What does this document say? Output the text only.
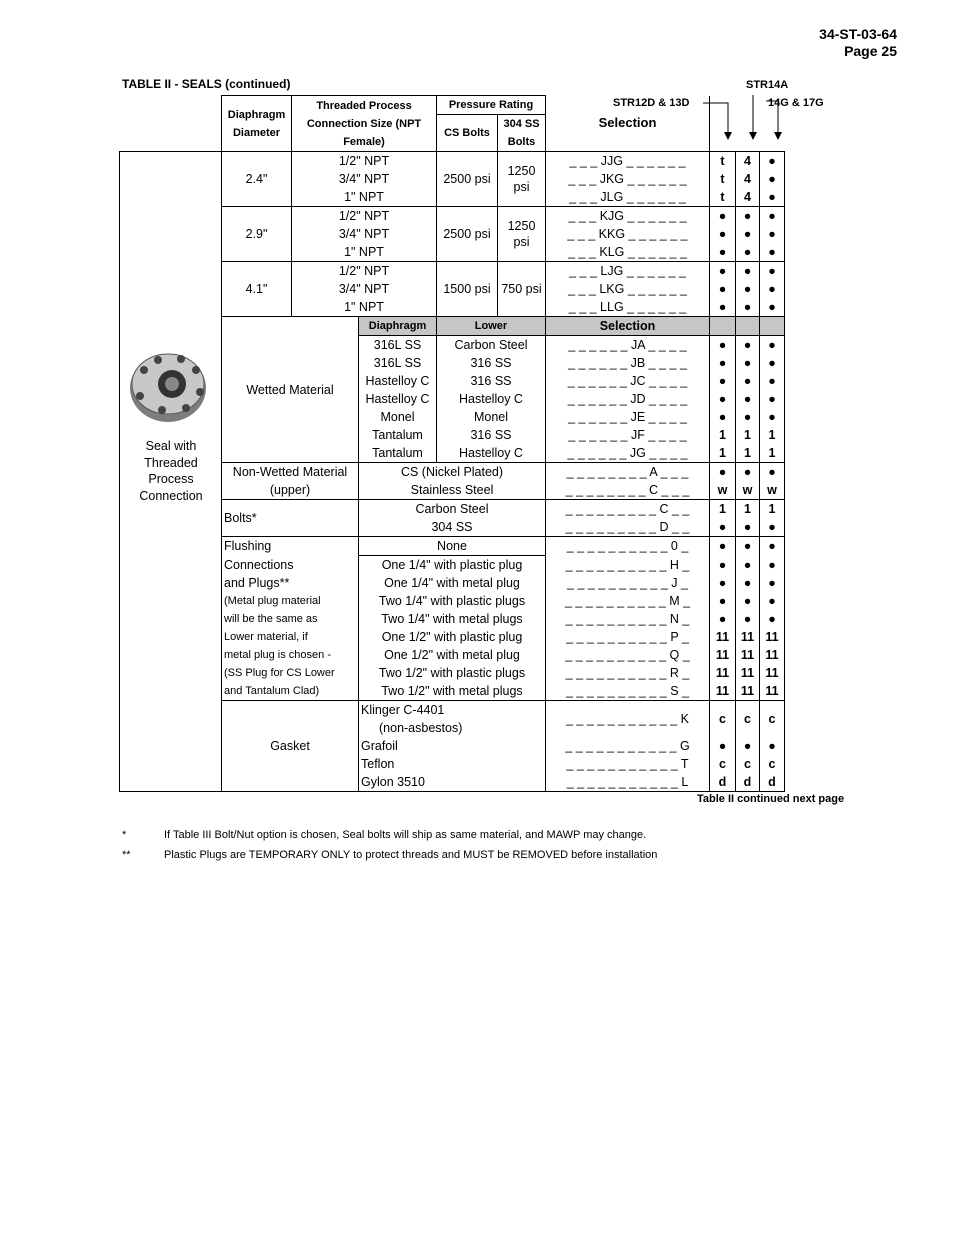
34-ST-03-64
Page 25
TABLE II - SEALS (continued)	STR14A
STR12D & 13D	14G & 17G
	Diaphragm Diameter	Threaded Process Connection Size (NPT Female)		Pressure Rating		Selection			
				CS Bolts	304 SS Bolts				

Seal with Threaded Process Connection	2.4"	1/2" NPT		2500 psi	1250 psi	_ _ _ JJG _ _ _ _ _ _	t	4	●
		3/4" NPT				_ _ _ JKG _ _ _ _ _ _	t	4	●
		1" NPT				_ _ _ JLG _ _ _ _ _ _	t	4	●
	2.9"	1/2" NPT		2500 psi	1250 psi	_ _ _ KJG _ _ _ _ _ _	●	●	●
		3/4" NPT				_ _ _ KKG _ _ _ _ _ _	●	●	●
		1" NPT				_ _ _ KLG _ _ _ _ _ _	●	●	●
	4.1"	1/2" NPT		1500 psi	750 psi	_ _ _ LJG _ _ _ _ _ _	●	●	●
		3/4" NPT				_ _ _ LKG _ _ _ _ _ _	●	●	●
		1" NPT				_ _ _ LLG _ _ _ _ _ _	●	●	●
	Wetted Material		Diaphragm	Lower		Selection			
			316L SS	Carbon Steel		_ _ _ _ _ _ JA _ _ _ _	●	●	●
			316L SS	316 SS		_ _ _ _ _ _ JB _ _ _ _	●	●	●
			Hastelloy C	316 SS		_ _ _ _ _ _ JC _ _ _ _	●	●	●
			Hastelloy C	Hastelloy C		_ _ _ _ _ _ JD _ _ _ _	●	●	●
			Monel	Monel		_ _ _ _ _ _ JE _ _ _ _	●	●	●
			Tantalum	316 SS		_ _ _ _ _ _ JF _ _ _ _	1	1	1
			Tantalum	Hastelloy C		_ _ _ _ _ _ JG _ _ _ _	1	1	1
	Non-Wetted Material (upper)		CS (Nickel Plated)			_ _ _ _ _ _ _ _ A _ _ _	●	●	●
			Stainless Steel			_ _ _ _ _ _ _ _ C _ _ _	w	w	w
	Bolts*		Carbon Steel			_ _ _ _ _ _ _ _ _ C _ _	1	1	1
			304 SS			_ _ _ _ _ _ _ _ _ D _ _	●	●	●
	Flushing		None			_ _ _ _ _ _ _ _ _ _ 0 _	●	●	●
	Connections		One 1/4" with plastic plug			_ _ _ _ _ _ _ _ _ _ H _	●	●	●
	and Plugs**		One 1/4" with metal plug			_ _ _ _ _ _ _ _ _ _ J _	●	●	●
	(Metal plug material		Two 1/4" with plastic plugs			_ _ _ _ _ _ _ _ _ _ M _	●	●	●
	will be the same as		Two 1/4" with metal plugs			_ _ _ _ _ _ _ _ _ _ N _	●	●	●
	Lower material, if		One 1/2" with plastic plug			_ _ _ _ _ _ _ _ _ _ P _	11	11	11
	metal plug is chosen -		One 1/2" with metal plug			_ _ _ _ _ _ _ _ _ _ Q _	11	11	11
	(SS Plug for CS Lower		Two 1/2" with plastic plugs			_ _ _ _ _ _ _ _ _ _ R _	11	11	11
	and Tantalum Clad)		Two 1/2" with metal plugs			_ _ _ _ _ _ _ _ _ _ S _	11	11	11
	Gasket		Klinger C-4401			_ _ _ _ _ _ _ _ _ _ _ K	c	c	c
			(non-asbestos)						
			Grafoil			_ _ _ _ _ _ _ _ _ _ _ G	●	●	●
			Teflon			_ _ _ _ _ _ _ _ _ _ _ T	c	c	c
			Gylon 3510			_ _ _ _ _ _ _ _ _ _ _ L	d	d	d
Table II continued next page
*	If Table III Bolt/Nut option is chosen, Seal bolts will ship as same material, and MAWP may change.
**	Plastic Plugs are TEMPORARY ONLY to protect threads and MUST be REMOVED before installation
